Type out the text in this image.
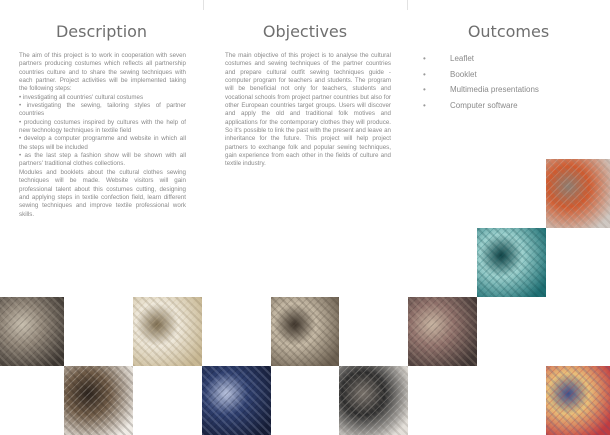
Description

The aim of this project is to work in cooperation with seven partners producing costumes which reflects all partnership countries culture and to share the sewing techniques with each partner. Project activities will be implemented taking the following steps:

• investigating all countries' cultural costumes

• investigating the sewing, tailoring styles of partner countries

• producing costumes inspired by cultures with the help of new technology techniques in textile field

• develop a computer programme and website in which all the steps will be included

• as the last step a fashion show will be shown with all partners' traditional clothes collections.

Modules and booklets about the cultural clothes sewing techniques will be made. Website visitors will gain professional talent about this costumes cutting, designing and applying steps in textile confection field, learn different sewing techniques and improve textile professional work skills.

Objectives

The main objective of this project is to analyse the cultural costumes and sewing techniques of the partner countries and prepare cultural outfit sewing techniques guide - computer program for teachers and students. The program will be beneficial not only for teachers, students and vocational schools from project partner countries but also for other European countries target groups. Users will discover and apply the old and traditional folk motives and applications for the contemporary clothes they will produce. So it's possible to link the past with the present and leave an inheritance for the future. This project will help project partners to exchange folk and popular sewing techniques, gain experience from each other in the fields of culture and textile industry.

Outcomes
•	Leaflet
•	Booklet
•	Multimedia presentations
•	Computer software
